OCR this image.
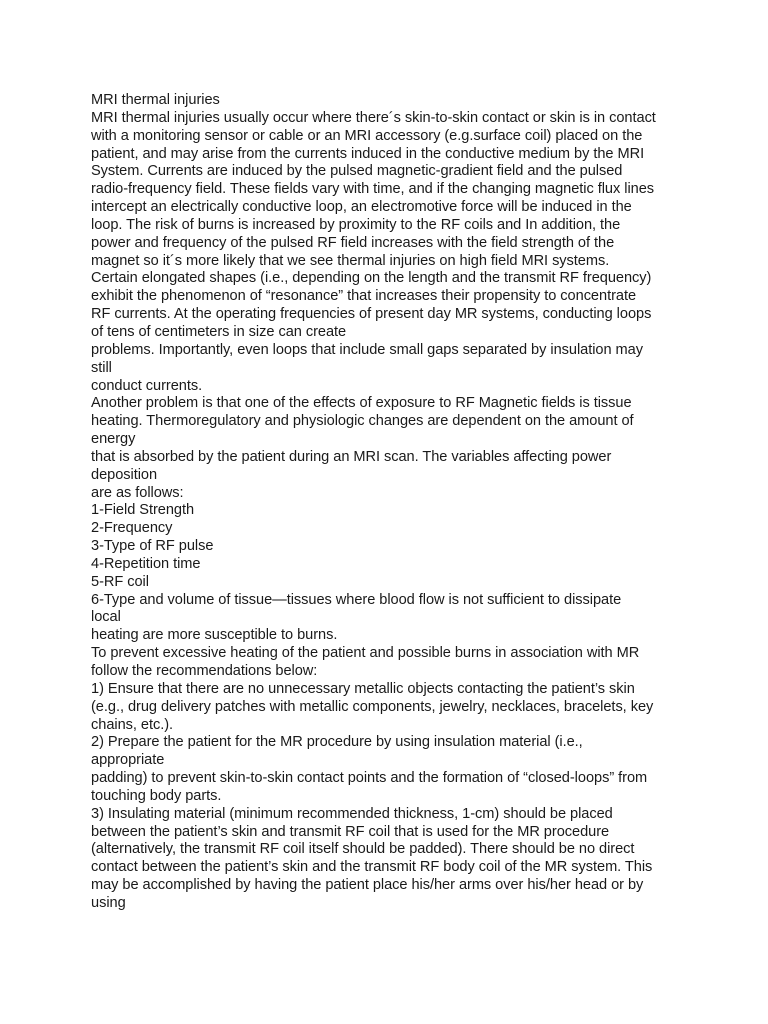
MRI thermal injuries
MRI thermal injuries usually occur where there´s skin-to-skin contact or skin is in contact
with a monitoring sensor or cable or an MRI accessory (e.g.surface coil) placed on the
patient, and may arise from the currents induced in the conductive medium by the MRI
System. Currents are induced by the pulsed magnetic-gradient field and the pulsed
radio-frequency field. These fields vary with time, and if the changing magnetic flux lines
intercept an electrically conductive loop, an electromotive force will be induced in the
loop. The risk of burns is increased by proximity to the RF coils and In addition, the
power and frequency of the pulsed RF field increases with the field strength of the
magnet so it´s more likely that we see thermal injuries on high field MRI systems.
Certain elongated shapes (i.e., depending on the length and the transmit RF frequency)
exhibit the phenomenon of “resonance” that increases their propensity to concentrate
RF currents. At the operating frequencies of present day MR systems, conducting loops
of tens of centimeters in size can create
problems. Importantly, even loops that include small gaps separated by insulation may
still
conduct currents.
Another problem is that one of the effects of exposure to RF Magnetic fields is tissue
heating. Thermoregulatory and physiologic changes are dependent on the amount of
energy
that is absorbed by the patient during an MRI scan. The variables affecting power
deposition
are as follows:
1-Field Strength
2-Frequency
3-Type of RF pulse
4-Repetition time
5-RF coil
6-Type and volume of tissue—tissues where blood flow is not sufficient to dissipate
local
heating are more susceptible to burns.
To prevent excessive heating of the patient and possible burns in association with MR
follow the recommendations below:
1) Ensure that there are no unnecessary metallic objects contacting the patient’s skin
(e.g., drug delivery patches with metallic components, jewelry, necklaces, bracelets, key
chains, etc.).
2) Prepare the patient for the MR procedure by using insulation material (i.e.,
appropriate
padding) to prevent skin-to-skin contact points and the formation of “closed-loops” from
touching body parts.
3) Insulating material (minimum recommended thickness, 1-cm) should be placed
between the patient’s skin and transmit RF coil that is used for the MR procedure
(alternatively, the transmit RF coil itself should be padded). There should be no direct
contact between the patient’s skin and the transmit RF body coil of the MR system. This
may be accomplished by having the patient place his/her arms over his/her head or by
using
